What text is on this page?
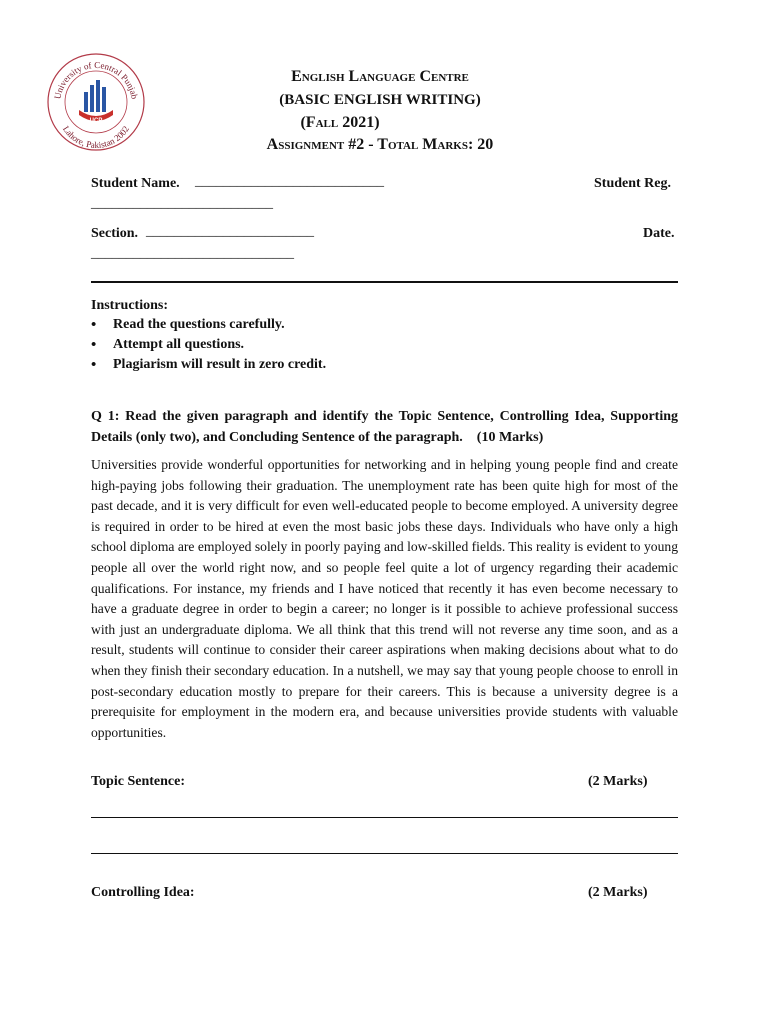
University of Central Punjab
Lahore, Pakistan 2002
UCP
English Language Centre
(BASIC ENGLISH WRITING)
(Fall 2021)
Assignment #2 - Total Marks: 20
Student Name. ___________________________	Student Reg.
__________________________
Section. ________________________	Date.
_____________________________
Instructions:
• Read the questions carefully.
• Attempt all questions.
• Plagiarism will result in zero credit.
Q 1: Read the given paragraph and identify the Topic Sentence, Controlling Idea, Supporting Details (only two), and Concluding Sentence of the paragraph. (10 Marks)

Universities provide wonderful opportunities for networking and in helping young people find and create high-paying jobs following their graduation. The unemployment rate has been quite high for most of the past decade, and it is very difficult for even well-educated people to become employed. A university degree is required in order to be hired at even the most basic jobs these days. Individuals who have only a high school diploma are employed solely in poorly paying and low-skilled fields. This reality is evident to young people all over the world right now, and so people feel quite a lot of urgency regarding their academic qualifications. For instance, my friends and I have noticed that recently it has even become necessary to have a graduate degree in order to begin a career; no longer is it possible to achieve professional success with just an undergraduate diploma. We all think that this trend will not reverse any time soon, and as a result, students will continue to consider their career aspirations when making decisions about what to do when they finish their secondary education. In a nutshell, we may say that young people choose to enroll in post-secondary education mostly to prepare for their careers. This is because a university degree is a prerequisite for employment in the modern era, and because universities provide students with valuable opportunities.

Topic Sentence:	(2 Marks)
Controlling Idea:	(2 Marks)
